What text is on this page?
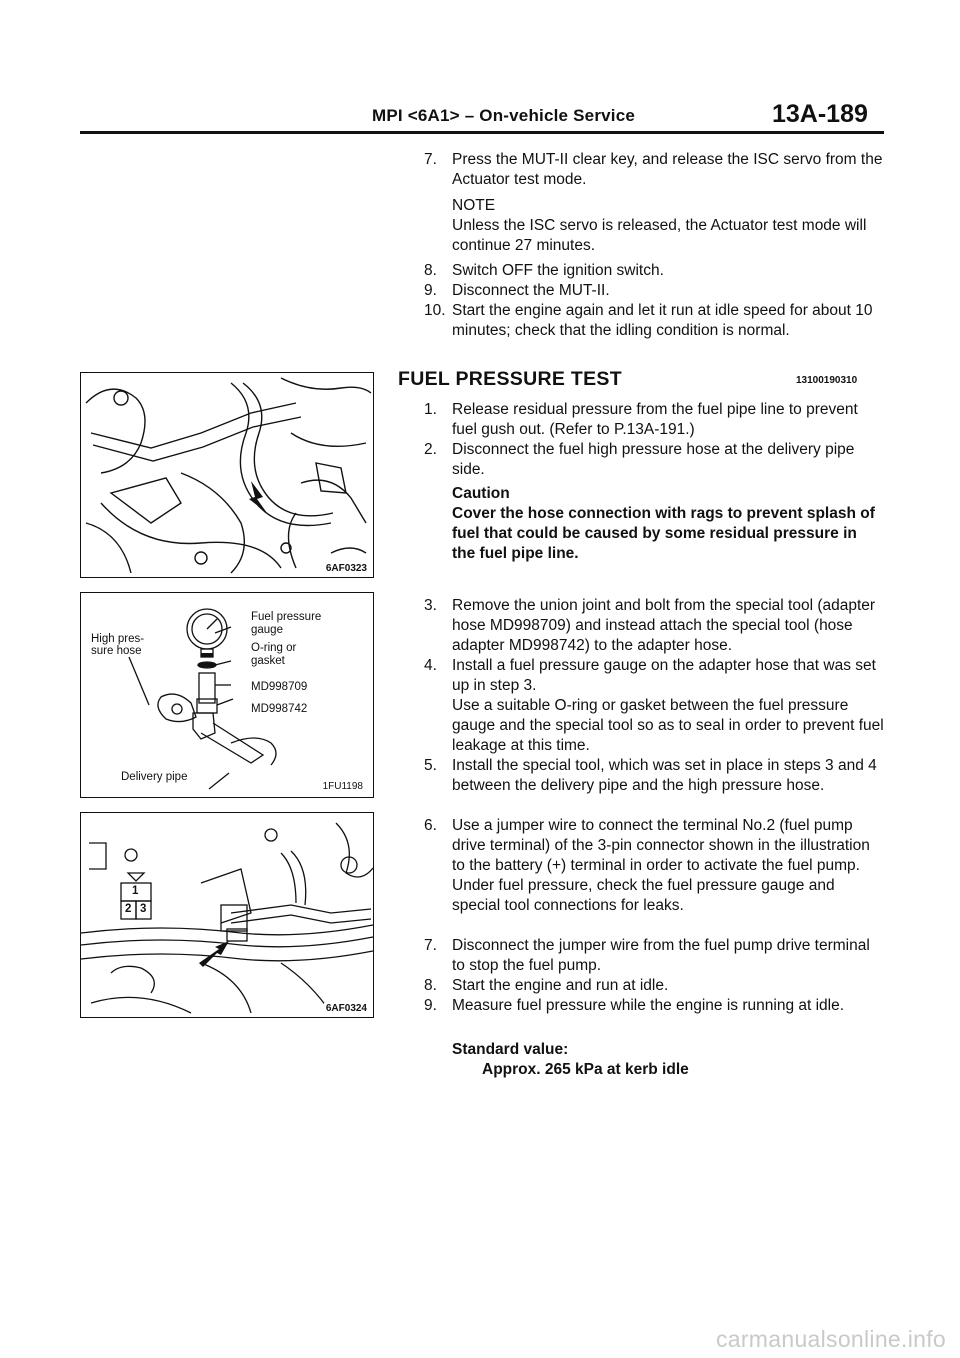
MPI <6A1> – On-vehicle Service	13A-189
7. Press the MUT-II clear key, and release the ISC servo from the Actuator test mode.
NOTE
Unless the ISC servo is released, the Actuator test mode will continue 27 minutes.
8. Switch OFF the ignition switch.
9. Disconnect the MUT-II.
10. Start the engine again and let it run at idle speed for about 10 minutes; check that the idling condition is normal.
FUEL PRESSURE TEST	13100190310
1. Release residual pressure from the fuel pipe line to prevent fuel gush out. (Refer to P.13A-191.)
2. Disconnect the fuel high pressure hose at the delivery pipe side.
Caution
Cover the hose connection with rags to prevent splash of fuel that could be caused by some residual pressure in the fuel pipe line.
3. Remove the union joint and bolt from the special tool (adapter hose MD998709) and instead attach the special tool (hose adapter MD998742) to the adapter hose.
4. Install a fuel pressure gauge on the adapter hose that was set up in step 3.
Use a suitable O-ring or gasket between the fuel pressure gauge and the special tool so as to seal in order to prevent fuel leakage at this time.
5. Install the special tool, which was set in place in steps 3 and 4 between the delivery pipe and the high pressure hose.
6. Use a jumper wire to connect the terminal No.2 (fuel pump drive terminal) of the 3-pin connector shown in the illustration to the battery (+) terminal in order to activate the fuel pump.
Under fuel pressure, check the fuel pressure gauge and special tool connections for leaks.
7. Disconnect the jumper wire from the fuel pump drive terminal to stop the fuel pump.
8. Start the engine and run at idle.
9. Measure fuel pressure while the engine is running at idle.
Standard value:
Approx. 265 kPa at kerb idle
6AF0323
Fuel pressure
gauge
O-ring or
gasket
MD998709
MD998742
High pres-
sure hose
Delivery pipe
1FU1198
1
2 3
6AF0324
carmanualsonline.info
